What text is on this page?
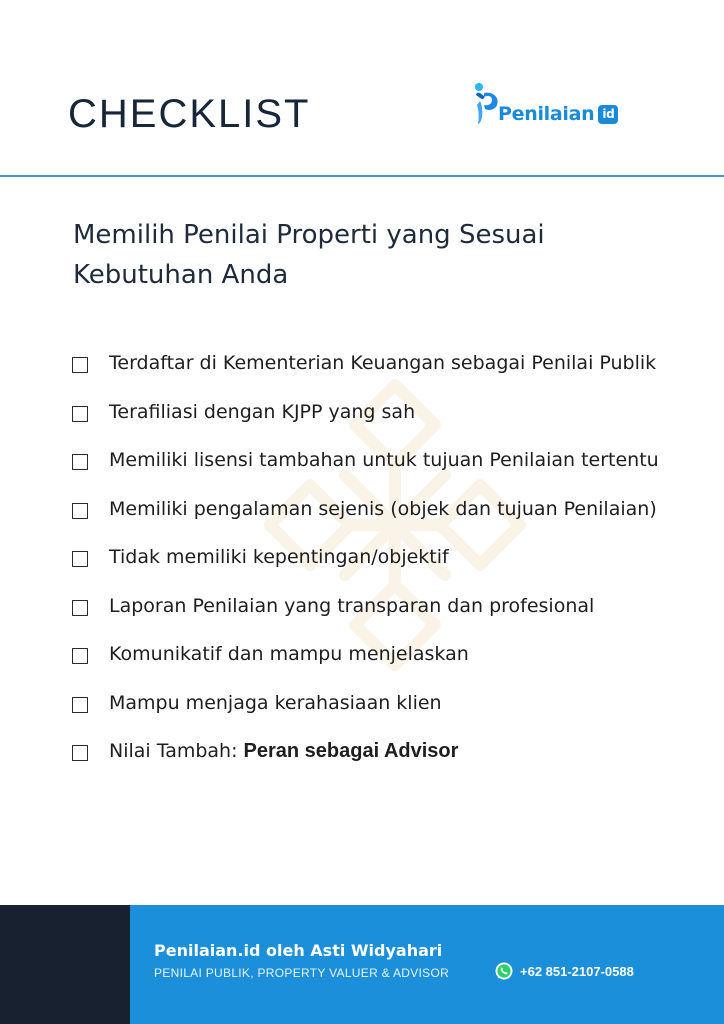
CHECKLIST	Penilaian id
Memilih Penilai Properti yang Sesuai
Kebutuhan Anda
Terdaftar di Kementerian Keuangan sebagai Penilai Publik
Terafiliasi dengan KJPP yang sah
Memiliki lisensi tambahan untuk tujuan Penilaian tertentu
Memiliki pengalaman sejenis (objek dan tujuan Penilaian)
Tidak memiliki kepentingan/objektif
Laporan Penilaian yang transparan dan profesional
Komunikatif dan mampu menjelaskan
Mampu menjaga kerahasiaan klien
Nilai Tambah: Peran sebagai Advisor
Penilaian.id oleh Asti Widyahari
PENILAI PUBLIK, PROPERTY VALUER & ADVISOR	+62 851-2107-0588
